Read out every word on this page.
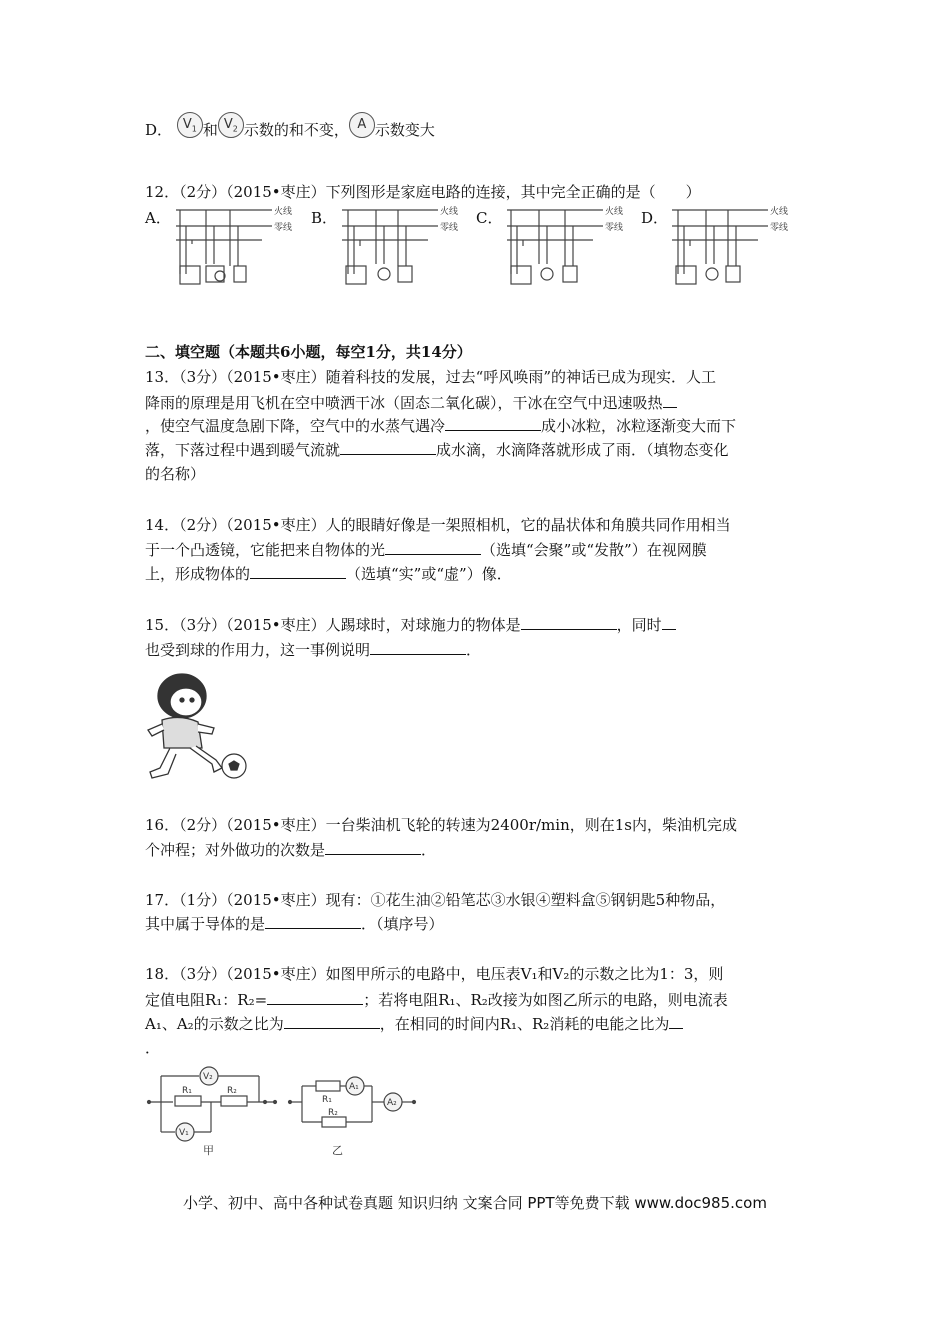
D． $V_1$ 和 $V_2$ 示数的和不变， A 示数变大
12．（2分）（2015•枣庄）下列图形是家庭电路的连接，其中完全正确的是（　　）
A．	B．	C．	D．
火线
零线
火线
零线
火线
零线
火线
零线
二、填空题（本题共6小题，每空1分，共14分）
13．（3分）（2015•枣庄）随着科技的发展，过去“呼风唤雨”的神话已成为现实．人工
降雨的原理是用飞机在空中喷洒干冰（固态二氧化碳），干冰在空气中迅速吸热
，使空气温度急剧下降，空气中的水蒸气遇冷	成小冰粒，冰粒逐渐变大而下
落，下落过程中遇到暖气流就	成水滴，水滴降落就形成了雨．（填物态变化
的名称）
14．（2分）（2015•枣庄）人的眼睛好像是一架照相机，它的晶状体和角膜共同作用相当
于一个凸透镜，它能把来自物体的光	（选填“会聚”或“发散”）在视网膜
上，形成物体的	（选填“实”或“虚”）像．
15．（3分）（2015•枣庄）人踢球时，对球施力的物体是	，同时
也受到球的作用力，这一事例说明	．
16．（2分）（2015•枣庄）一台柴油机飞轮的转速为2400r/min，则在1s内，柴油机完成
个冲程；对外做功的次数是	．
17．（1分）（2015•枣庄）现有：①花生油②铅笔芯③水银④塑料盒⑤钢钥匙5种物品，
其中属于导体的是	．（填序号）
18．（3分）（2015•枣庄）如图甲所示的电路中，电压表V₁和V₂的示数之比为1：3，则
定值电阻R₁：R₂=	；若将电阻R₁、R₂改接为如图乙所示的电路，则电流表
A₁、A₂的示数之比为	，在相同的时间内R₁、R₂消耗的电能之比为
．
R₁	R₂
V₂
V₁
甲
R₁
R₂
A₁
A₂
乙
小学、初中、高中各种试卷真题 知识归纳 文案合同 PPT等免费下载 www.doc985.com
